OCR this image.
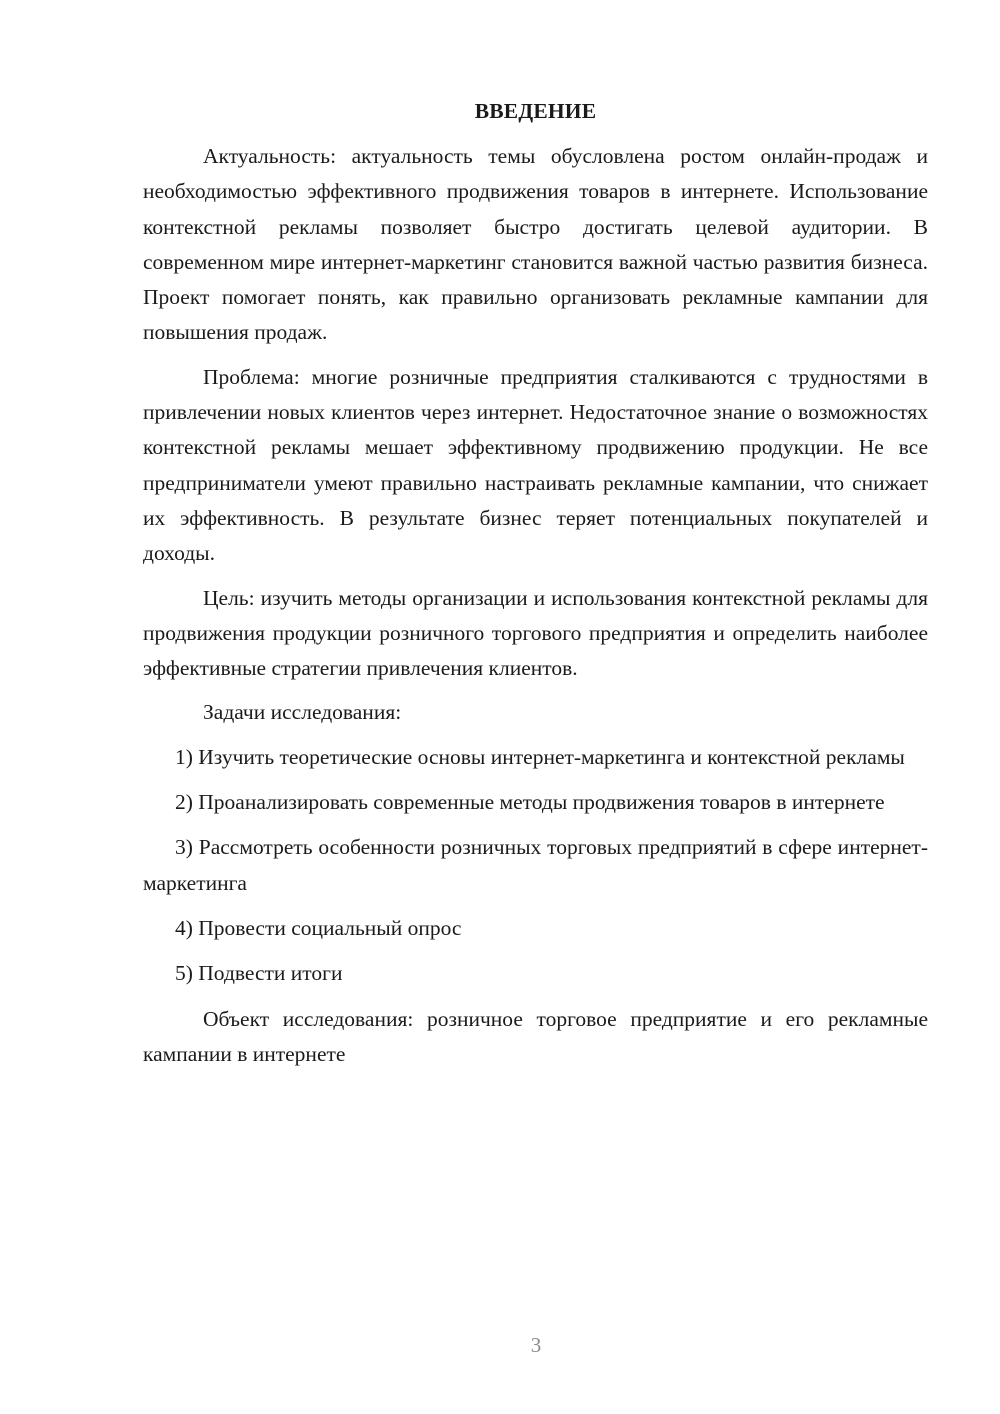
ВВЕДЕНИЕ

Актуальность: актуальность темы обусловлена ростом онлайн-продаж и необходимостью эффективного продвижения товаров в интернете. Использование контекстной рекламы позволяет быстро достигать целевой аудитории. В современном мире интернет-маркетинг становится важной частью развития бизнеса. Проект помогает понять, как правильно организовать рекламные кампании для повышения продаж.

Проблема: многие розничные предприятия сталкиваются с трудностями в привлечении новых клиентов через интернет. Недостаточное знание о возможностях контекстной рекламы мешает эффективному продвижению продукции. Не все предприниматели умеют правильно настраивать рекламные кампании, что снижает их эффективность. В результате бизнес теряет потенциальных покупателей и доходы.

Цель: изучить методы организации и использования контекстной рекламы для продвижения продукции розничного торгового предприятия и определить наиболее эффективные стратегии привлечения клиентов.

Задачи исследования:

1) Изучить теоретические основы интернет-маркетинга и контекстной рекламы

2) Проанализировать современные методы продвижения товаров в интернете

3) Рассмотреть особенности розничных торговых предприятий в сфере интернет-маркетинга

4) Провести социальный опрос

5) Подвести итоги

Объект исследования: розничное торговое предприятие и его рекламные кампании в интернете

3
